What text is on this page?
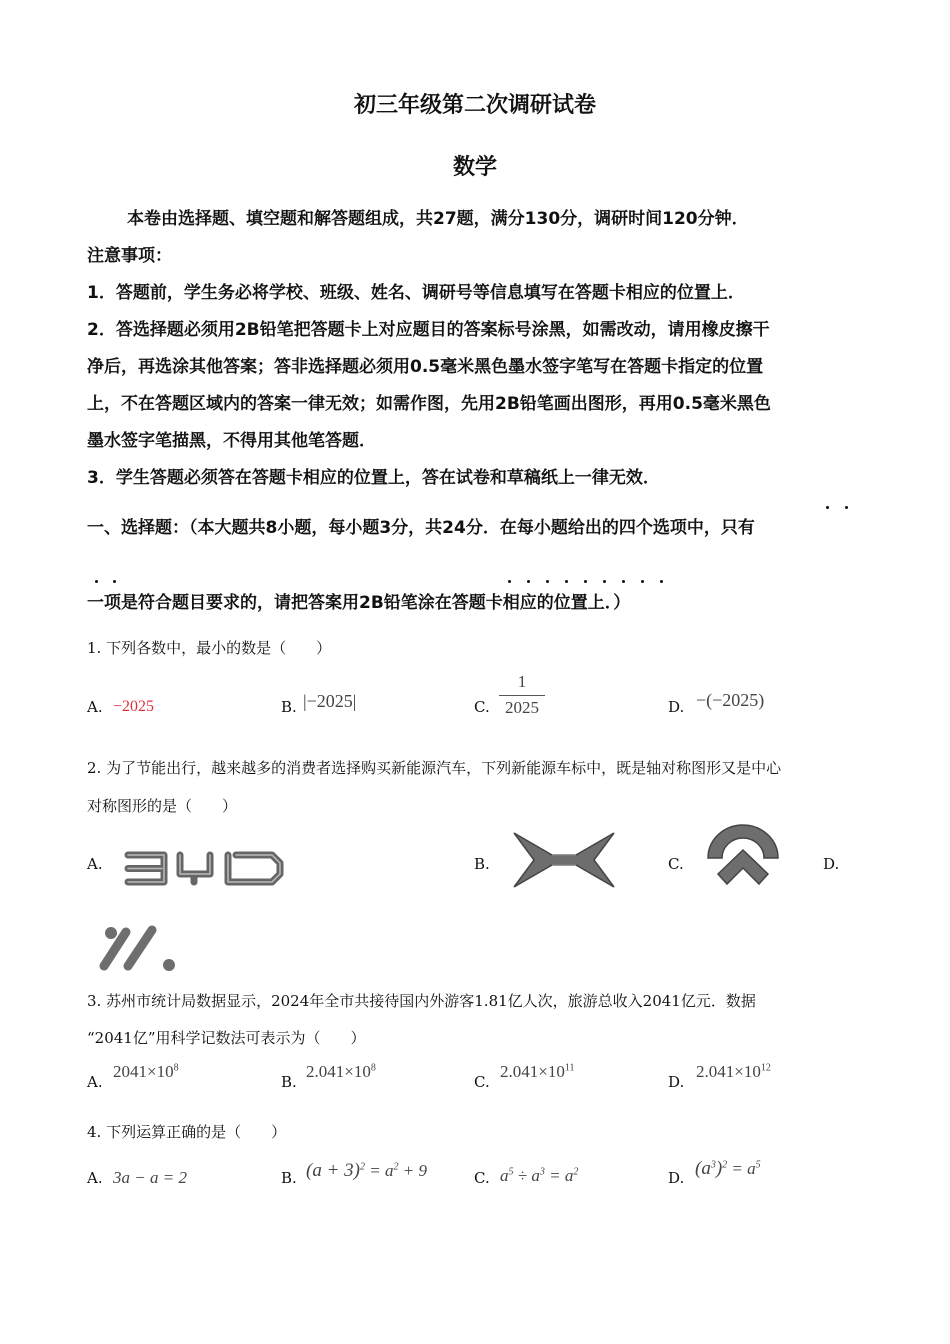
初三年级第二次调研试卷
数学
本卷由选择题、填空题和解答题组成，共27题，满分130分，调研时间120分钟．
注意事项：
1．答题前，学生务必将学校、班级、姓名、调研号等信息填写在答题卡相应的位置上．
2．答选择题必须用2B铅笔把答题卡上对应题目的答案标号涂黑，如需改动，请用橡皮擦干
净后，再选涂其他答案；答非选择题必须用0.5毫米黑色墨水签字笔写在答题卡指定的位置
上，不在答题区域内的答案一律无效；如需作图，先用2B铅笔画出图形，再用0.5毫米黑色
墨水签字笔描黑，不得用其他笔答题．
3．学生答题必须答在答题卡相应的位置上，答在试卷和草稿纸上一律无效．
一、选择题：（本大题共8小题，每小题3分，共24分．在每小题给出的四个选项中，只有
一项是符合题目要求的，请把答案用2B铅笔涂在答题卡相应的位置上．）
1. 下列各数中，最小的数是（　　）
A. −2025	B. |−2025|	C.
1
2025	D. −(−2025)
2. 为了节能出行，越来越多的消费者选择购买新能源汽车，下列新能源车标中，既是轴对称图形又是中心
对称图形的是（　　）
A.	B.	C.	D.
3. 苏州市统计局数据显示，2024年全市共接待国内外游客1.81亿人次，旅游总收入2041亿元．数据
“2041亿”用科学记数法可表示为（　　）
A.
$2041\times 10^8$
B.
$2.041\times 10^8$
C.
$2.041\times 10^{11}$
D.
$2.041\times 10^{12}$
4. 下列运算正确的是（　　）
A. 3a − a = 2	B. $(a + 3)^2 = a^2 + 9$	C. $a^5 \div a^3 = a^2$	D. $(a^3)^2 = a^5$
